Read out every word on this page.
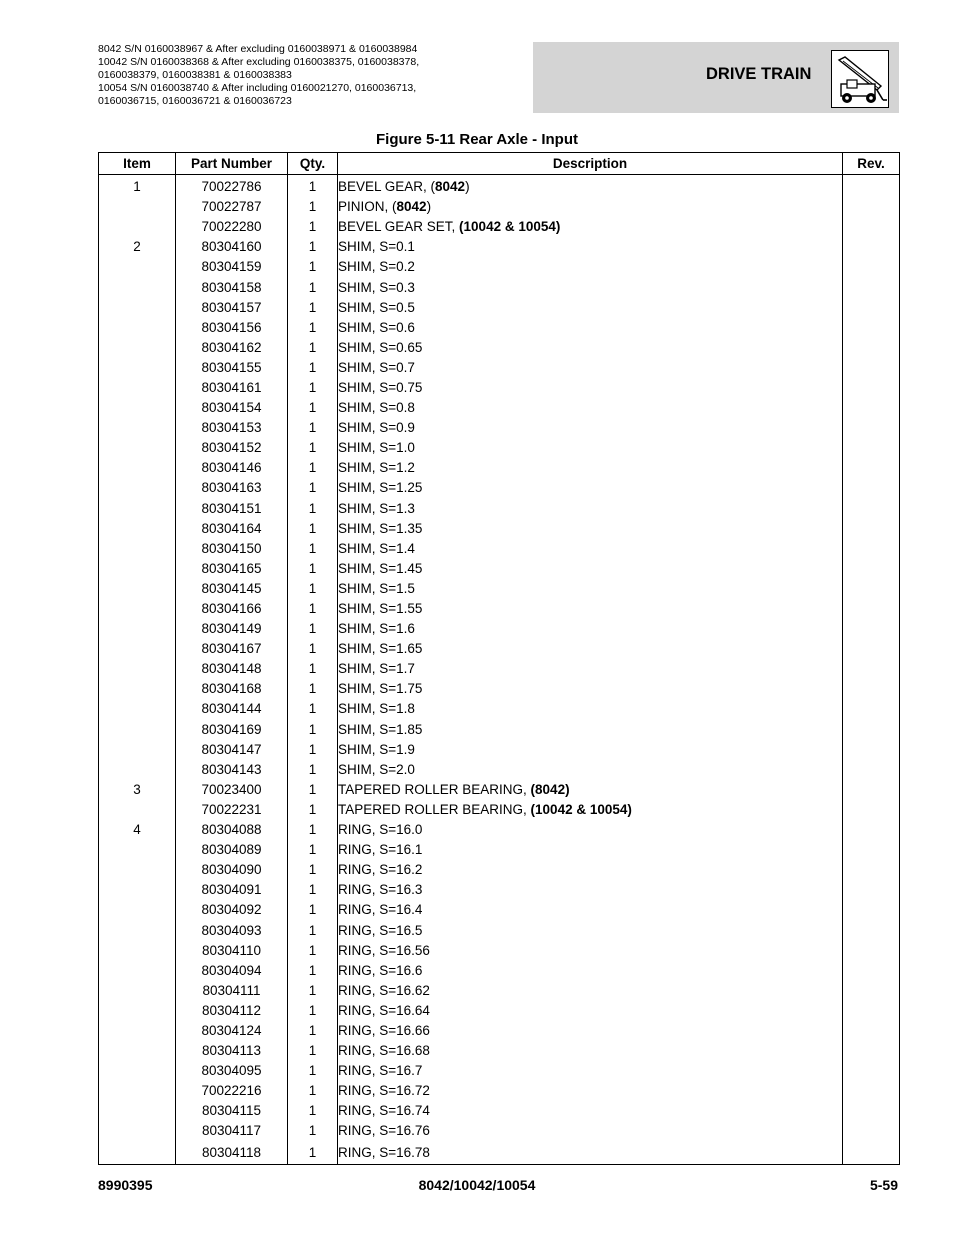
8042 S/N 0160038967 & After excluding 0160038971 & 0160038984
10042 S/N 0160038368 & After excluding 0160038375, 0160038378,
0160038379, 0160038381 & 0160038383
10054 S/N 0160038740 & After including 0160021270, 0160036713,
0160036715, 0160036721 & 0160036723
DRIVE TRAIN
Figure 5-11 Rear Axle - Input
Item	Part Number	Qty.	Description	Rev.
1	70022786	1	BEVEL GEAR, (8042)	
	70022787	1	PINION, (8042)	
	70022280	1	BEVEL GEAR SET, (10042 & 10054)	
2	80304160	1	SHIM, S=0.1	
	80304159	1	SHIM, S=0.2	
	80304158	1	SHIM, S=0.3	
	80304157	1	SHIM, S=0.5	
	80304156	1	SHIM, S=0.6	
	80304162	1	SHIM, S=0.65	
	80304155	1	SHIM, S=0.7	
	80304161	1	SHIM, S=0.75	
	80304154	1	SHIM, S=0.8	
	80304153	1	SHIM, S=0.9	
	80304152	1	SHIM, S=1.0	
	80304146	1	SHIM, S=1.2	
	80304163	1	SHIM, S=1.25	
	80304151	1	SHIM, S=1.3	
	80304164	1	SHIM, S=1.35	
	80304150	1	SHIM, S=1.4	
	80304165	1	SHIM, S=1.45	
	80304145	1	SHIM, S=1.5	
	80304166	1	SHIM, S=1.55	
	80304149	1	SHIM, S=1.6	
	80304167	1	SHIM, S=1.65	
	80304148	1	SHIM, S=1.7	
	80304168	1	SHIM, S=1.75	
	80304144	1	SHIM, S=1.8	
	80304169	1	SHIM, S=1.85	
	80304147	1	SHIM, S=1.9	
	80304143	1	SHIM, S=2.0	
3	70023400	1	TAPERED ROLLER BEARING, (8042)	
	70022231	1	TAPERED ROLLER BEARING, (10042 & 10054)	
4	80304088	1	RING, S=16.0	
	80304089	1	RING, S=16.1	
	80304090	1	RING, S=16.2	
	80304091	1	RING, S=16.3	
	80304092	1	RING, S=16.4	
	80304093	1	RING, S=16.5	
	80304110	1	RING, S=16.56	
	80304094	1	RING, S=16.6	
	80304111	1	RING, S=16.62	
	80304112	1	RING, S=16.64	
	80304124	1	RING, S=16.66	
	80304113	1	RING, S=16.68	
	80304095	1	RING, S=16.7	
	70022216	1	RING, S=16.72	
	80304115	1	RING, S=16.74	
	80304117	1	RING, S=16.76	
	80304118	1	RING, S=16.78	
8990395	8042/10042/10054	5-59
